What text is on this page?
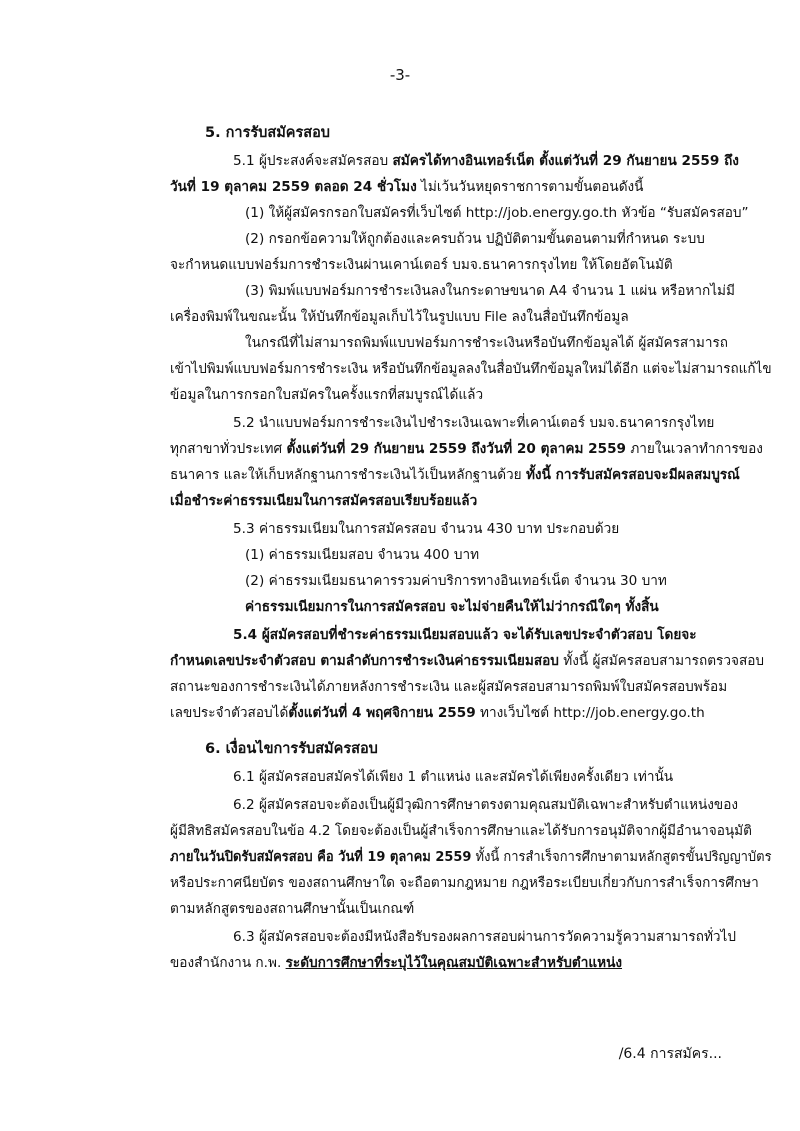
-3-
5. การรับสมัครสอบ
5.1 ผู้ประสงค์จะสมัครสอบ สมัครได้ทางอินเทอร์เน็ต ตั้งแต่วันที่ 29 กันยายน 2559 ถึง
วันที่ 19 ตุลาคม 2559 ตลอด 24 ชั่วโมง ไม่เว้นวันหยุดราชการตามขั้นตอนดังนี้
(1) ให้ผู้สมัครกรอกใบสมัครที่เว็บไซต์ http://job.energy.go.th หัวข้อ “รับสมัครสอบ”
(2) กรอกข้อความให้ถูกต้องและครบถ้วน ปฏิบัติตามขั้นตอนตามที่กำหนด ระบบ
จะกำหนดแบบฟอร์มการชำระเงินผ่านเคาน์เตอร์ บมจ.ธนาคารกรุงไทย ให้โดยอัตโนมัติ
(3) พิมพ์แบบฟอร์มการชำระเงินลงในกระดาษขนาด A4 จำนวน 1 แผ่น หรือหากไม่มี
เครื่องพิมพ์ในขณะนั้น ให้บันทึกข้อมูลเก็บไว้ในรูปแบบ File ลงในสื่อบันทึกข้อมูล
ในกรณีที่ไม่สามารถพิมพ์แบบฟอร์มการชำระเงินหรือบันทึกข้อมูลได้ ผู้สมัครสามารถ
เข้าไปพิมพ์แบบฟอร์มการชำระเงิน หรือบันทึกข้อมูลลงในสื่อบันทึกข้อมูลใหม่ได้อีก แต่จะไม่สามารถแก้ไข
ข้อมูลในการกรอกใบสมัครในครั้งแรกที่สมบูรณ์ได้แล้ว
5.2 นำแบบฟอร์มการชำระเงินไปชำระเงินเฉพาะที่เคาน์เตอร์ บมจ.ธนาคารกรุงไทย
ทุกสาขาทั่วประเทศ ตั้งแต่วันที่ 29 กันยายน 2559 ถึงวันที่ 20 ตุลาคม 2559 ภายในเวลาทำการของ
ธนาคาร และให้เก็บหลักฐานการชำระเงินไว้เป็นหลักฐานด้วย ทั้งนี้ การรับสมัครสอบจะมีผลสมบูรณ์
เมื่อชำระค่าธรรมเนียมในการสมัครสอบเรียบร้อยแล้ว
5.3 ค่าธรรมเนียมในการสมัครสอบ จำนวน 430 บาท ประกอบด้วย
(1) ค่าธรรมเนียมสอบ จำนวน 400 บาท
(2) ค่าธรรมเนียมธนาคารรวมค่าบริการทางอินเทอร์เน็ต จำนวน 30 บาท
ค่าธรรมเนียมการในการสมัครสอบ จะไม่จ่ายคืนให้ไม่ว่ากรณีใดๆ ทั้งสิ้น
5.4 ผู้สมัครสอบที่ชำระค่าธรรมเนียมสอบแล้ว จะได้รับเลขประจำตัวสอบ โดยจะ
กำหนดเลขประจำตัวสอบ ตามลำดับการชำระเงินค่าธรรมเนียมสอบ ทั้งนี้ ผู้สมัครสอบสามารถตรวจสอบ
สถานะของการชำระเงินได้ภายหลังการชำระเงิน และผู้สมัครสอบสามารถพิมพ์ใบสมัครสอบพร้อม
เลขประจำตัวสอบได้ตั้งแต่วันที่ 4 พฤศจิกายน 2559 ทางเว็บไซต์ http://job.energy.go.th
6. เงื่อนไขการรับสมัครสอบ
6.1 ผู้สมัครสอบสมัครได้เพียง 1 ตำแหน่ง และสมัครได้เพียงครั้งเดียว เท่านั้น
6.2 ผู้สมัครสอบจะต้องเป็นผู้มีวุฒิการศึกษาตรงตามคุณสมบัติเฉพาะสำหรับตำแหน่งของ
ผู้มีสิทธิสมัครสอบในข้อ 4.2 โดยจะต้องเป็นผู้สำเร็จการศึกษาและได้รับการอนุมัติจากผู้มีอำนาจอนุมัติ
ภายในวันปิดรับสมัครสอบ คือ วันที่ 19 ตุลาคม 2559 ทั้งนี้ การสำเร็จการศึกษาตามหลักสูตรขั้นปริญญาบัตร
หรือประกาศนียบัตร ของสถานศึกษาใด จะถือตามกฎหมาย กฎหรือระเบียบเกี่ยวกับการสำเร็จการศึกษา
ตามหลักสูตรของสถานศึกษานั้นเป็นเกณฑ์
6.3 ผู้สมัครสอบจะต้องมีหนังสือรับรองผลการสอบผ่านการวัดความรู้ความสามารถทั่วไป
ของสำนักงาน ก.พ. ระดับการศึกษาที่ระบุไว้ในคุณสมบัติเฉพาะสำหรับตำแหน่ง
/6.4 การสมัคร...
